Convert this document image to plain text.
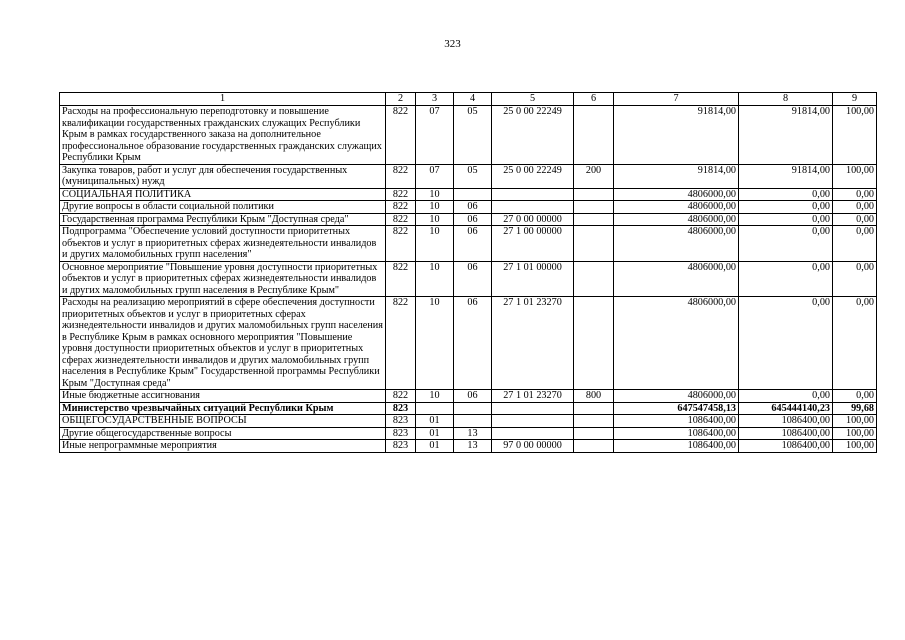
323
1	2	3	4	5	6	7	8	9
Расходы на профессиональную переподготовку и повышение квалификации государственных гражданских служащих Республики Крым в рамках государственного заказа на дополнительное профессиональное образование государственных гражданских служащих Республики Крым	822	07	05	25 0 00 22249		91814,00	91814,00	100,00
Закупка товаров, работ и услуг для обеспечения государственных (муниципальных) нужд	822	07	05	25 0 00 22249	200	91814,00	91814,00	100,00
СОЦИАЛЬНАЯ ПОЛИТИКА	822	10				4806000,00	0,00	0,00
Другие вопросы в области социальной политики	822	10	06			4806000,00	0,00	0,00
Государственная программа Республики Крым "Доступная среда"	822	10	06	27 0 00 00000		4806000,00	0,00	0,00
Подпрограмма "Обеспечение условий доступности приоритетных объектов и услуг в приоритетных сферах жизнедеятельности инвалидов и других маломобильных групп населения"	822	10	06	27 1 00 00000		4806000,00	0,00	0,00
Основное мероприятие "Повышение уровня доступности приоритетных объектов и услуг в приоритетных сферах жизнедеятельности инвалидов и других маломобильных групп населения в Республике Крым"	822	10	06	27 1 01 00000		4806000,00	0,00	0,00
Расходы на реализацию мероприятий в сфере обеспечения доступности приоритетных объектов и услуг в приоритетных сферах жизнедеятельности инвалидов и других маломобильных групп населения в Республике Крым в рамках основного мероприятия "Повышение уровня доступности приоритетных объектов и услуг в приоритетных сферах жизнедеятельности инвалидов и других маломобильных групп населения в Республике Крым" Государственной программы Республики Крым "Доступная среда"	822	10	06	27 1 01 23270		4806000,00	0,00	0,00
Иные бюджетные ассигнования	822	10	06	27 1 01 23270	800	4806000,00	0,00	0,00
Министерство чрезвычайных ситуаций Республики Крым	823					647547458,13	645444140,23	99,68
ОБЩЕГОСУДАРСТВЕННЫЕ ВОПРОСЫ	823	01				1086400,00	1086400,00	100,00
Другие общегосударственные вопросы	823	01	13			1086400,00	1086400,00	100,00
Иные непрограммные мероприятия	823	01	13	97 0 00 00000		1086400,00	1086400,00	100,00
